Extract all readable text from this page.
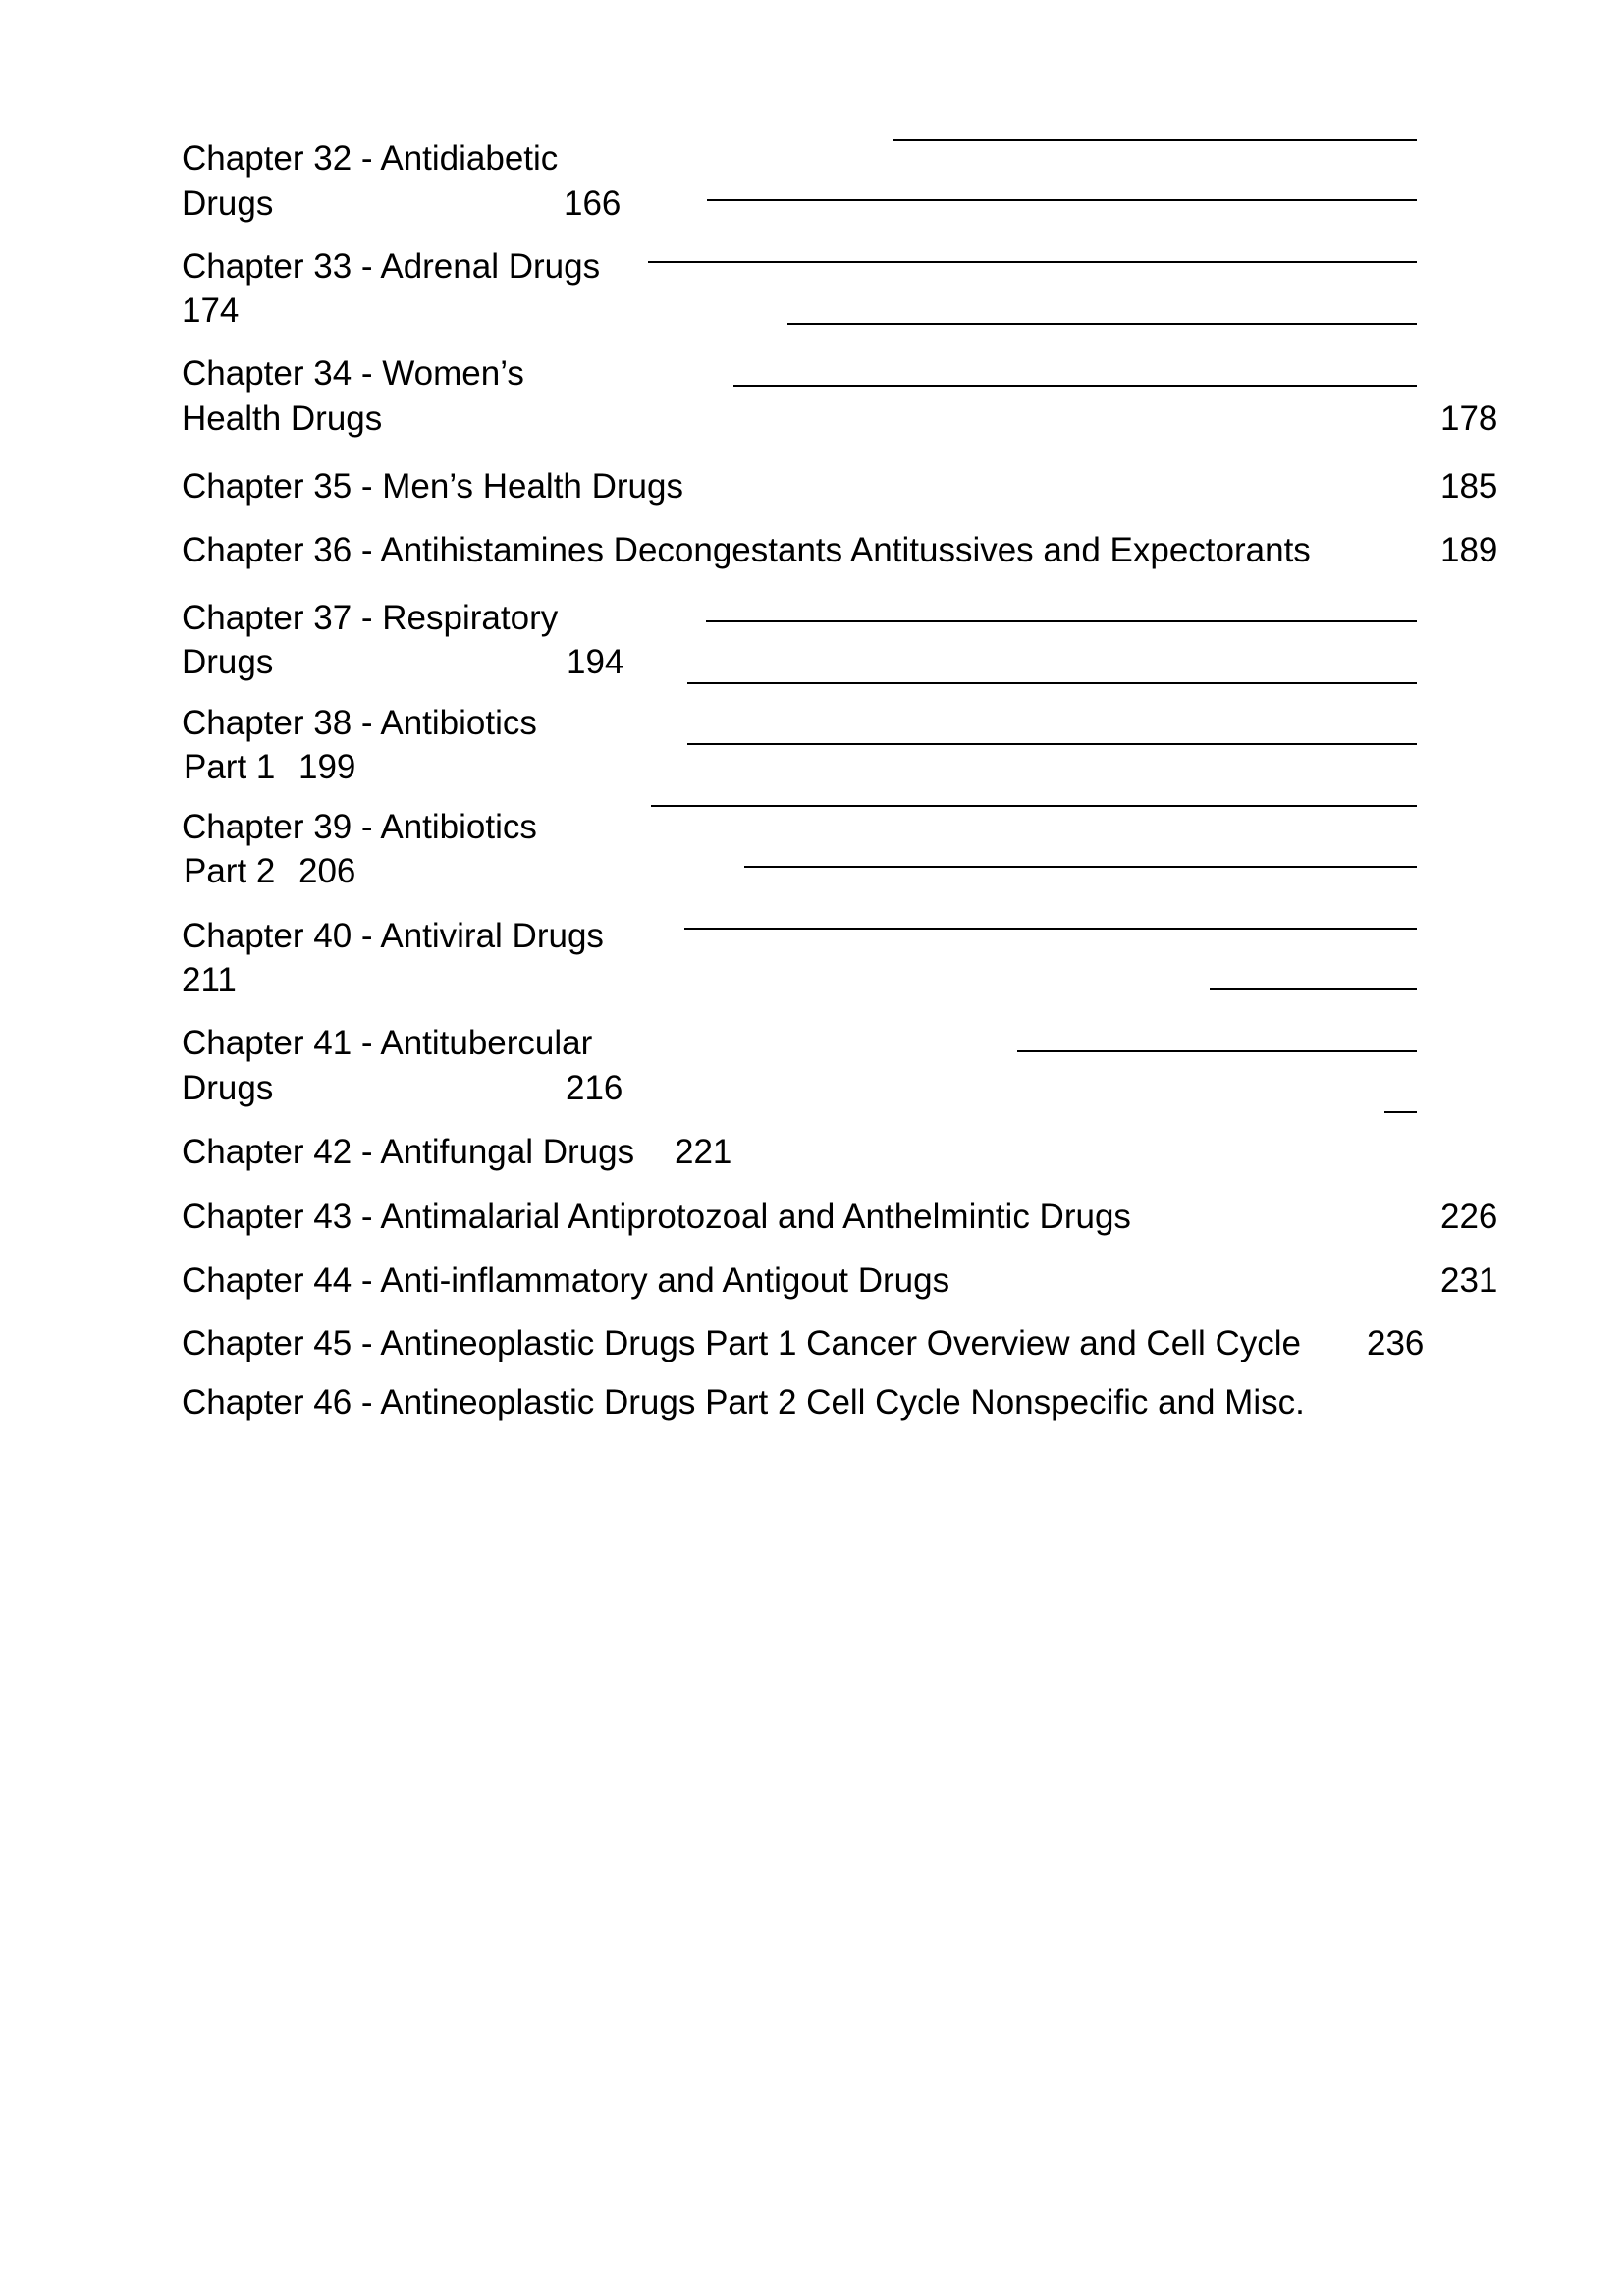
Chapter 32 - Antidiabetic
Drugs	166
Chapter 33 - Adrenal Drugs
174
Chapter 34 - Women’s
Health Drugs	178
Chapter 35 - Men’s Health Drugs	185
Chapter 36 - Antihistamines Decongestants Antitussives and Expectorants	189
Chapter 37 - Respiratory
Drugs	194
Chapter 38 - Antibiotics
Part 1 199
Chapter 39 - Antibiotics
Part 2 206
Chapter 40 - Antiviral Drugs
211
Chapter 41 - Antitubercular
Drugs	216
Chapter 42 - Antifungal Drugs 221
Chapter 43 - Antimalarial Antiprotozoal and Anthelmintic Drugs	226
Chapter 44 - Anti-inflammatory and Antigout Drugs	231
Chapter 45 - Antineoplastic Drugs Part 1 Cancer Overview and Cell Cycle 236
Chapter 46 - Antineoplastic Drugs Part 2 Cell Cycle Nonspecific and Misc.
